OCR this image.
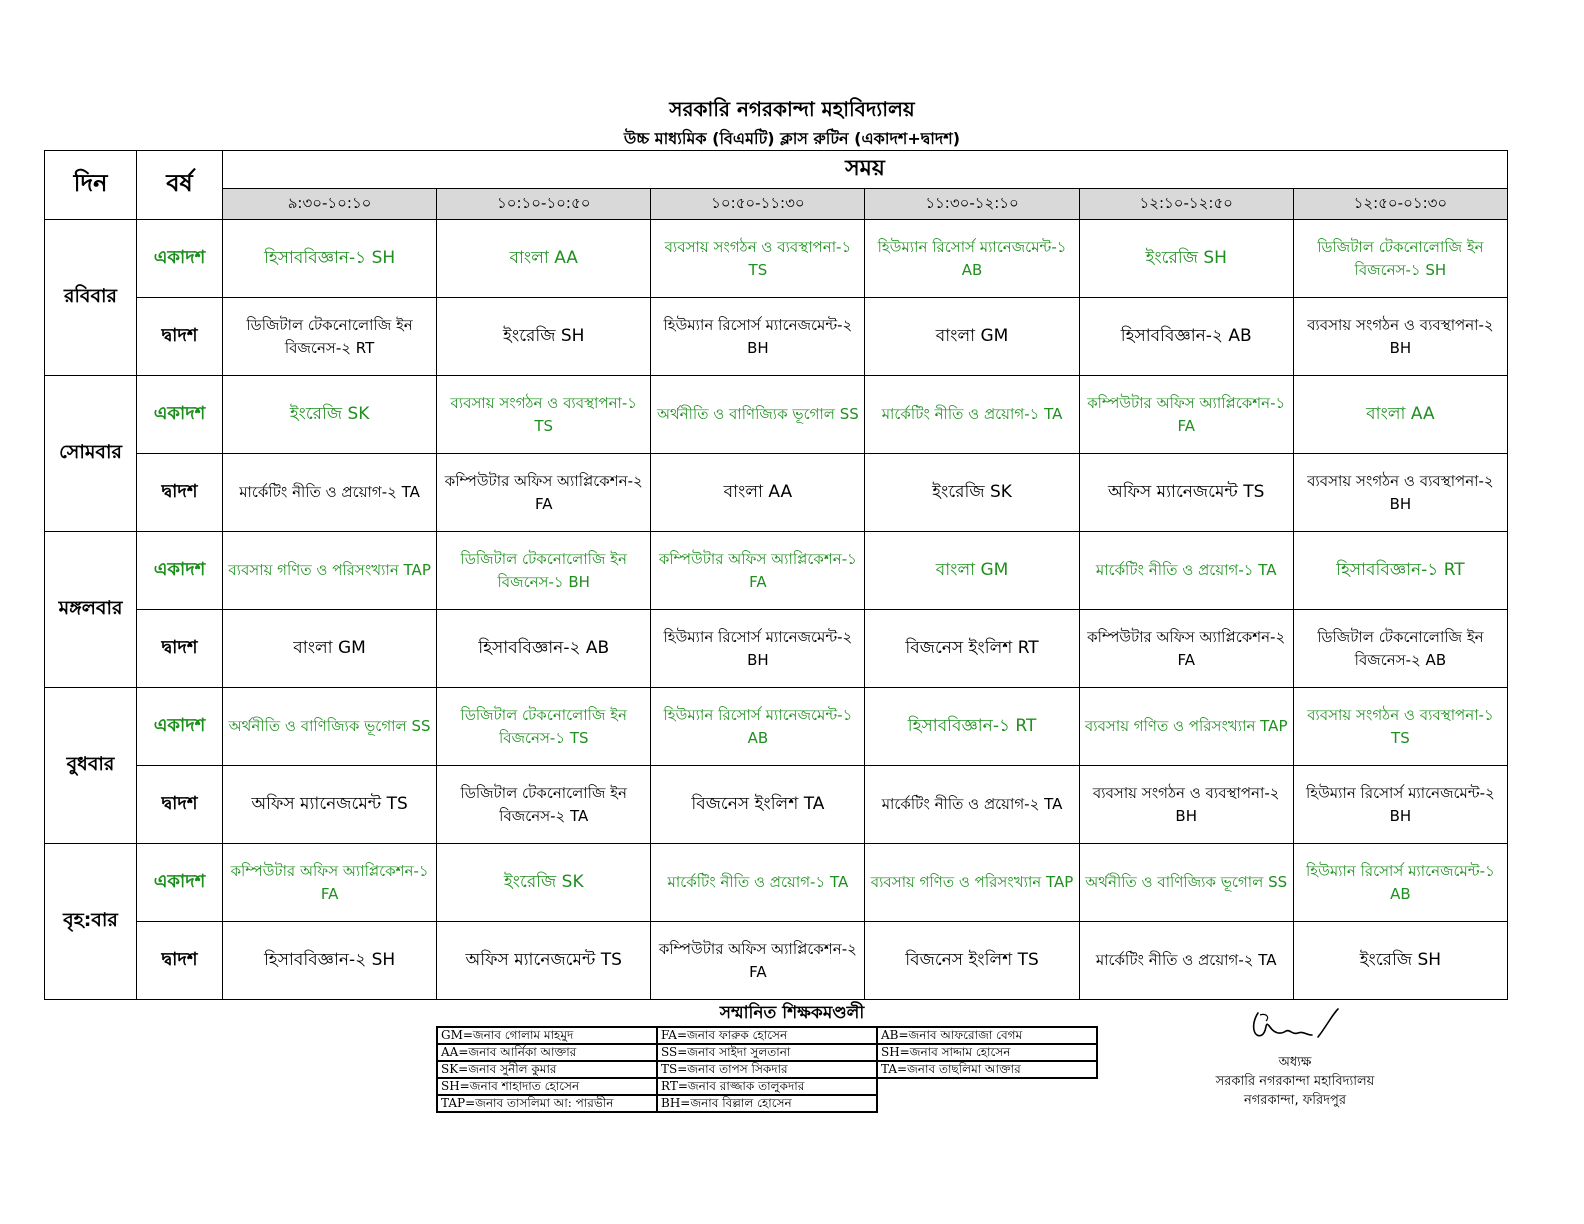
সরকারি নগরকান্দা মহাবিদ্যালয়
উচ্চ মাধ্যমিক (বিএমটি) ক্লাস রুটিন (একাদশ+দ্বাদশ)
দিন	বর্ষ	সময়					
		৯:৩০-১০:১০	১০:১০-১০:৫০	১০:৫০-১১:৩০	১১:৩০-১২:১০	১২:১০-১২:৫০	১২:৫০-০১:৩০
রবিবার	একাদশ	হিসাববিজ্ঞান-১ SH	বাংলা AA	ব্যবসায় সংগঠন ও ব্যবস্থাপনা-১ TS	হিউম্যান রিসোর্স ম্যানেজমেন্ট-১ AB	ইংরেজি SH	ডিজিটাল টেকনোলোজি ইন বিজনেস-১ SH
	দ্বাদশ	ডিজিটাল টেকনোলোজি ইন বিজনেস-২ RT	ইংরেজি SH	হিউম্যান রিসোর্স ম্যানেজমেন্ট-২ BH	বাংলা GM	হিসাববিজ্ঞান-২ AB	ব্যবসায় সংগঠন ও ব্যবস্থাপনা-২ BH
সোমবার	একাদশ	ইংরেজি SK	ব্যবসায় সংগঠন ও ব্যবস্থাপনা-১ TS	অর্থনীতি ও বাণিজ্যিক ভূগোল SS	মার্কেটিং নীতি ও প্রয়োগ-১ TA	কম্পিউটার অফিস অ্যাপ্লিকেশন-১ FA	বাংলা AA
	দ্বাদশ	মার্কেটিং নীতি ও প্রয়োগ-২ TA	কম্পিউটার অফিস অ্যাপ্লিকেশন-২ FA	বাংলা AA	ইংরেজি SK	অফিস ম্যানেজমেন্ট TS	ব্যবসায় সংগঠন ও ব্যবস্থাপনা-২ BH
মঙ্গলবার	একাদশ	ব্যবসায় গণিত ও পরিসংখ্যান TAP	ডিজিটাল টেকনোলোজি ইন বিজনেস-১ BH	কম্পিউটার অফিস অ্যাপ্লিকেশন-১ FA	বাংলা GM	মার্কেটিং নীতি ও প্রয়োগ-১ TA	হিসাববিজ্ঞান-১ RT
	দ্বাদশ	বাংলা GM	হিসাববিজ্ঞান-২ AB	হিউম্যান রিসোর্স ম্যানেজমেন্ট-২ BH	বিজনেস ইংলিশ RT	কম্পিউটার অফিস অ্যাপ্লিকেশন-২ FA	ডিজিটাল টেকনোলোজি ইন বিজনেস-২ AB
বুধবার	একাদশ	অর্থনীতি ও বাণিজ্যিক ভূগোল SS	ডিজিটাল টেকনোলোজি ইন বিজনেস-১ TS	হিউম্যান রিসোর্স ম্যানেজমেন্ট-১ AB	হিসাববিজ্ঞান-১ RT	ব্যবসায় গণিত ও পরিসংখ্যান TAP	ব্যবসায় সংগঠন ও ব্যবস্থাপনা-১ TS
	দ্বাদশ	অফিস ম্যানেজমেন্ট TS	ডিজিটাল টেকনোলোজি ইন বিজনেস-২ TA	বিজনেস ইংলিশ TA	মার্কেটিং নীতি ও প্রয়োগ-২ TA	ব্যবসায় সংগঠন ও ব্যবস্থাপনা-২ BH	হিউম্যান রিসোর্স ম্যানেজমেন্ট-২ BH
বৃহ:বার	একাদশ	কম্পিউটার অফিস অ্যাপ্লিকেশন-১ FA	ইংরেজি SK	মার্কেটিং নীতি ও প্রয়োগ-১ TA	ব্যবসায় গণিত ও পরিসংখ্যান TAP	অর্থনীতি ও বাণিজ্যিক ভূগোল SS	হিউম্যান রিসোর্স ম্যানেজমেন্ট-১ AB
	দ্বাদশ	হিসাববিজ্ঞান-২ SH	অফিস ম্যানেজমেন্ট TS	কম্পিউটার অফিস অ্যাপ্লিকেশন-২ FA	বিজনেস ইংলিশ TS	মার্কেটিং নীতি ও প্রয়োগ-২ TA	ইংরেজি SH
সম্মানিত শিক্ষকমণ্ডলী
GM=জনাব গোলাম মাহমুদ	FA=জনাব ফারুক হোসেন	AB=জনাব আফরোজা বেগম
AA=জনাব আর্নিকা আক্তার	SS=জনাব সাইদা সুলতানা	SH=জনাব সাদ্দাম হোসেন
SK=জনাব সুনীল কুমার	TS=জনাব তাপস সিকদার	TA=জনাব তাছলিমা আক্তার
SH=জনাব শাহাদাত হোসেন	RT=জনাব রাজ্জাক তালুকদার	
TAP=জনাব তাসলিমা আ: পারভীন	BH=জনাব বিল্লাল হোসেন	
অধ্যক্ষ
সরকারি নগরকান্দা মহাবিদ্যালয়
নগরকান্দা, ফরিদপুর
